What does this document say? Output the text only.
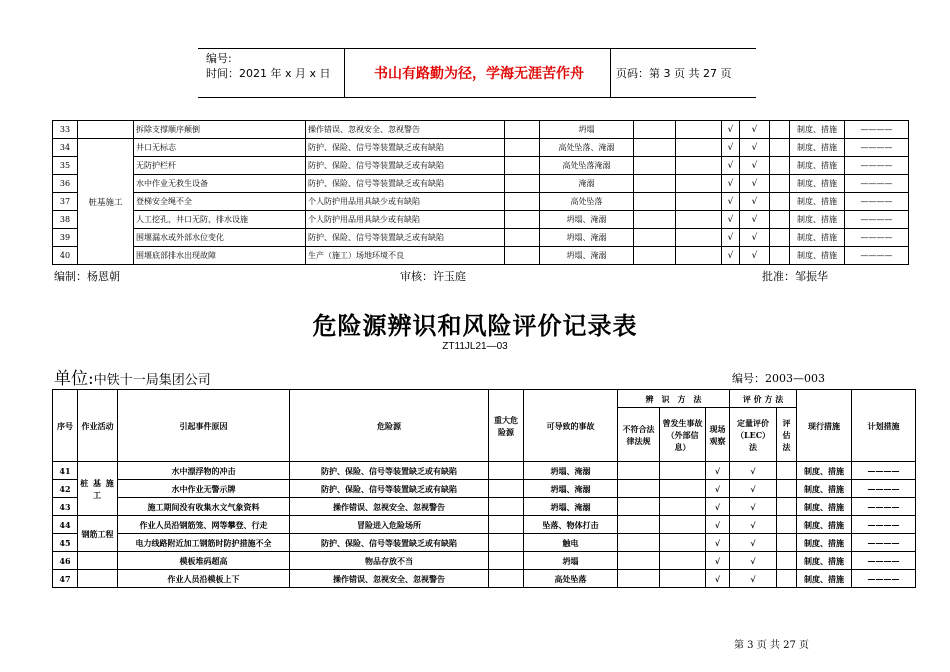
编号:
时间：2021 年 x 月 x 日	书山有路勤为径，学海无涯苦作舟	页码：第 3 页 共 27 页
33		拆除支撑顺序颠倒	操作错误、忽视安全、忽视警告		坍塌			√	√		制度、措施	————
34	桩基施工	井口无标志	防护、保险、信号等装置缺乏或有缺陷		高处坠落、淹溺			√	√		制度、措施	————
35		无防护栏杆	防护、保险、信号等装置缺乏或有缺陷		高处坠落淹溺			√	√		制度、措施	————
36		水中作业无救生设备	防护、保险、信号等装置缺乏或有缺陷		淹溺			√	√		制度、措施	————
37		登梯安全绳不全	个人防护用品用具缺少或有缺陷		高处坠落			√	√		制度、措施	————
38		人工挖孔、井口无防、排水设施	个人防护用品用具缺少或有缺陷		坍塌、淹溺			√	√		制度、措施	————
39		围堰漏水或外部水位变化	防护、保险、信号等装置缺乏或有缺陷		坍塌、淹溺			√	√		制度、措施	————
40		围堰底部排水出现故障	生产（施工）场地环境不良		坍塌、淹溺			√	√		制度、措施	————
编制：杨恩朝	审核：许玉庭	批准：邹振华
危险源辨识和风险评价记录表
ZT11JL21—03
单位:中铁十一局集团公司	编号：2003—003
序号	作业活动	引起事件原因	危险源	重大危险源	可导致的事故	辨　识　方　法			评 价 方 法		现行措施	计划措施
						不符合法律法规	曾发生事故（外部信息）	现场观察	定量评价（LEC）法	评估法		

41	桩 基 施 工	水中漂浮物的冲击	防护、保险、信号等装置缺乏或有缺陷		坍塌、淹溺			√	√		制度、措施	————
42		水中作业无警示牌	防护、保险、信号等装置缺乏或有缺陷		坍塌、淹溺			√	√		制度、措施	————
43		施工期间没有收集水文气象资料	操作错误、忽视安全、忽视警告		坍塌、淹溺			√	√		制度、措施	————
44	钢筋工程	作业人员沿钢筋笼、网等攀登、行走	冒险进入危险场所		坠落、物体打击			√	√		制度、措施	————
45		电力线路附近加工钢筋时防护措施不全	防护、保险、信号等装置缺乏或有缺陷		触电			√	√		制度、措施	————
46		模板堆码超高	物品存放不当		坍塌			√	√		制度、措施	————
47		作业人员沿模板上下	操作错误、忽视安全、忽视警告		高处坠落			√	√		制度、措施	————
第 3 页 共 27 页
